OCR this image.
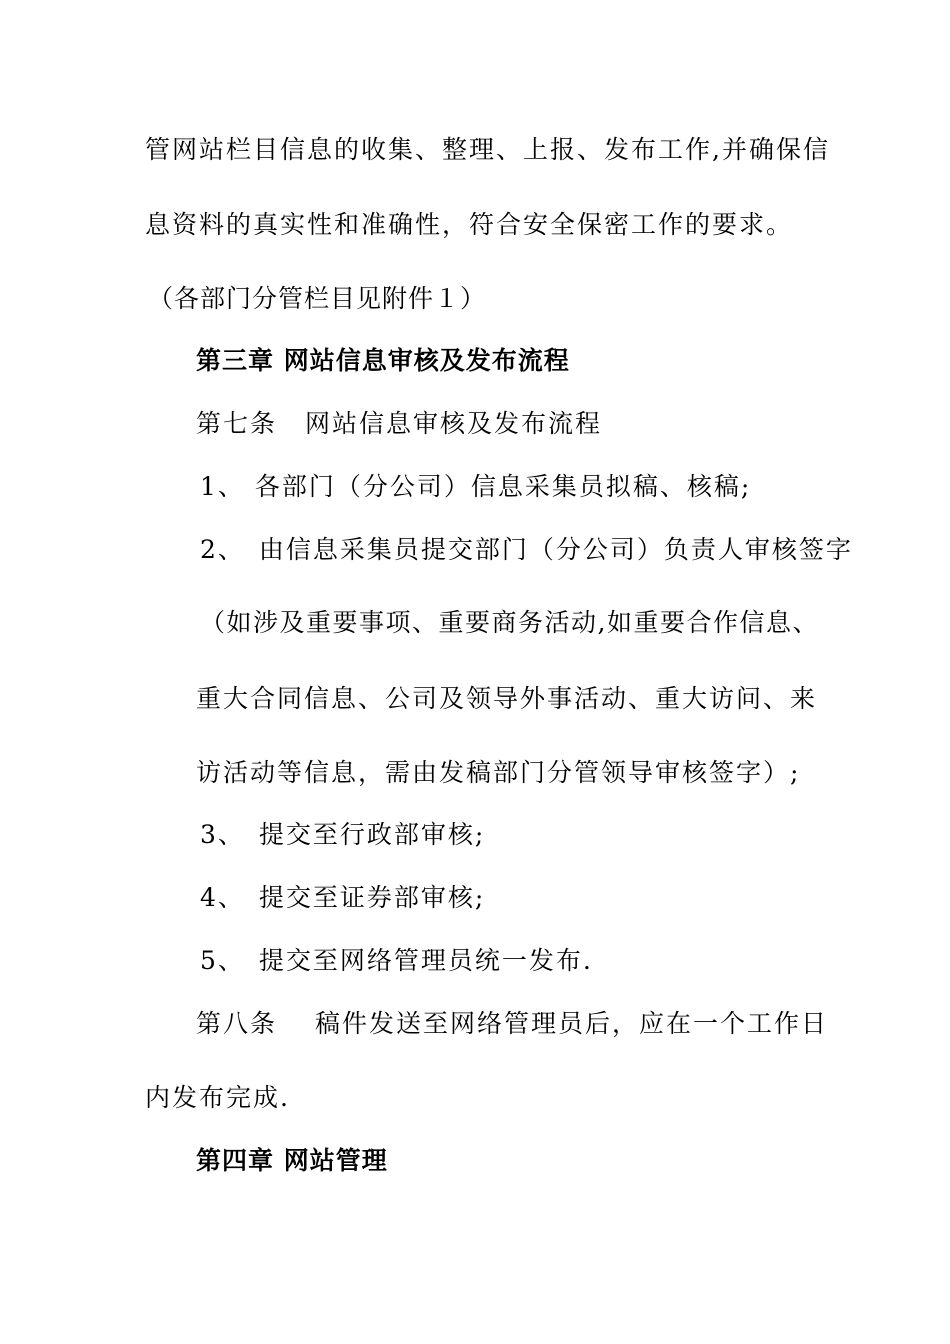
管网站栏目信息的收集、整理、上报、发布工作,并确保信
息资料的真实性和准确性，符合安全保密工作的要求。
（各部门分管栏目见附件１）
第三章 网站信息审核及发布流程
第七条 网站信息审核及发布流程
1、 各部门（分公司）信息采集员拟稿、核稿;
2、 由信息采集员提交部门（分公司）负责人审核签字
（如涉及重要事项、重要商务活动,如重要合作信息、
重大合同信息、公司及领导外事活动、重大访问、来
访活动等信息，需由发稿部门分管领导审核签字）;
3、 提交至行政部审核;
4、 提交至证券部审核;
5、 提交至网络管理员统一发布.
第八条 稿件发送至网络管理员后，应在一个工作日
内发布完成.
第四章 网站管理
